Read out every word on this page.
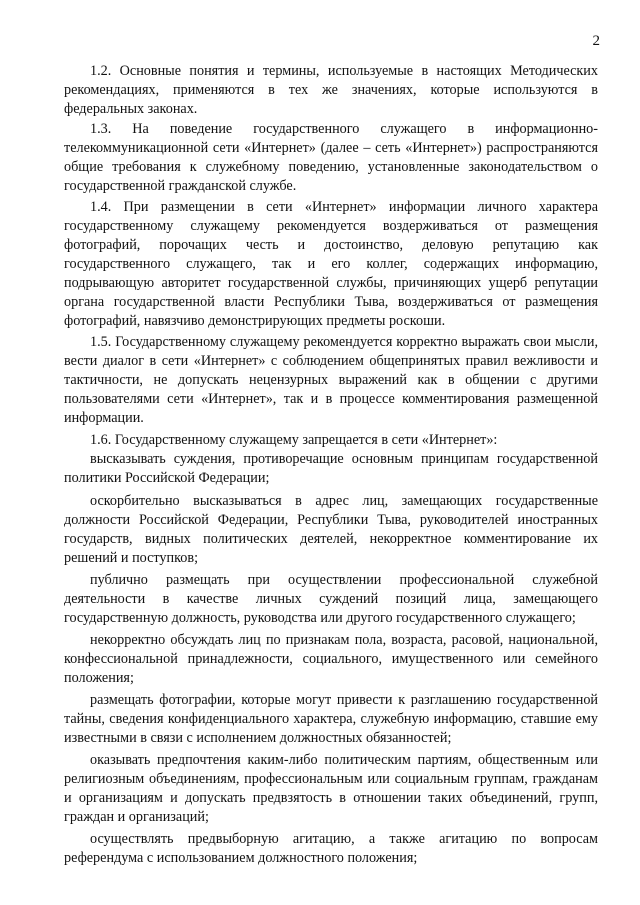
2

1.2. Основные понятия и термины, используемые в настоящих Методических рекомендациях, применяются в тех же значениях, которые используются в федеральных законах.

1.3. На поведение государственного служащего в информационно-телекоммуникационной сети «Интернет» (далее – сеть «Интернет») распространяются общие требования к служебному поведению, установленные законодательством о государственной гражданской службе.

1.4. При размещении в сети «Интернет» информации личного характера государственному служащему рекомендуется воздерживаться от размещения фотографий, порочащих честь и достоинство, деловую репутацию как государственного служащего, так и его коллег, содержащих информацию, подрывающую авторитет государственной службы, причиняющих ущерб репутации органа государственной власти Республики Тыва, воздерживаться от размещения фотографий, навязчиво демонстрирующих предметы роскоши.

1.5. Государственному служащему рекомендуется корректно выражать свои мысли, вести диалог в сети «Интернет» с соблюдением общепринятых правил вежливости и тактичности, не допускать нецензурных выражений как в общении с другими пользователями сети «Интернет», так и в процессе комментирования размещенной информации.

1.6. Государственному служащему запрещается в сети «Интернет»:

высказывать суждения, противоречащие основным принципам государственной политики Российской Федерации;

оскорбительно высказываться в адрес лиц, замещающих государственные должности Российской Федерации, Республики Тыва, руководителей иностранных государств, видных политических деятелей, некорректное комментирование их решений и поступков;

публично размещать при осуществлении профессиональной служебной деятельности в качестве личных суждений позиций лица, замещающего государственную должность, руководства или другого государственного служащего;

некорректно обсуждать лиц по признакам пола, возраста, расовой, национальной, конфессиональной принадлежности, социального, имущественного или семейного положения;

размещать фотографии, которые могут привести к разглашению государственной тайны, сведения конфиденциального характера, служебную информацию, ставшие ему известными в связи с исполнением должностных обязанностей;

оказывать предпочтения каким-либо политическим партиям, общественным или религиозным объединениям, профессиональным или социальным группам, гражданам и организациям и допускать предвзятость в отношении таких объединений, групп, граждан и организаций;

осуществлять предвыборную агитацию, а также агитацию по вопросам референдума с использованием должностного положения;
